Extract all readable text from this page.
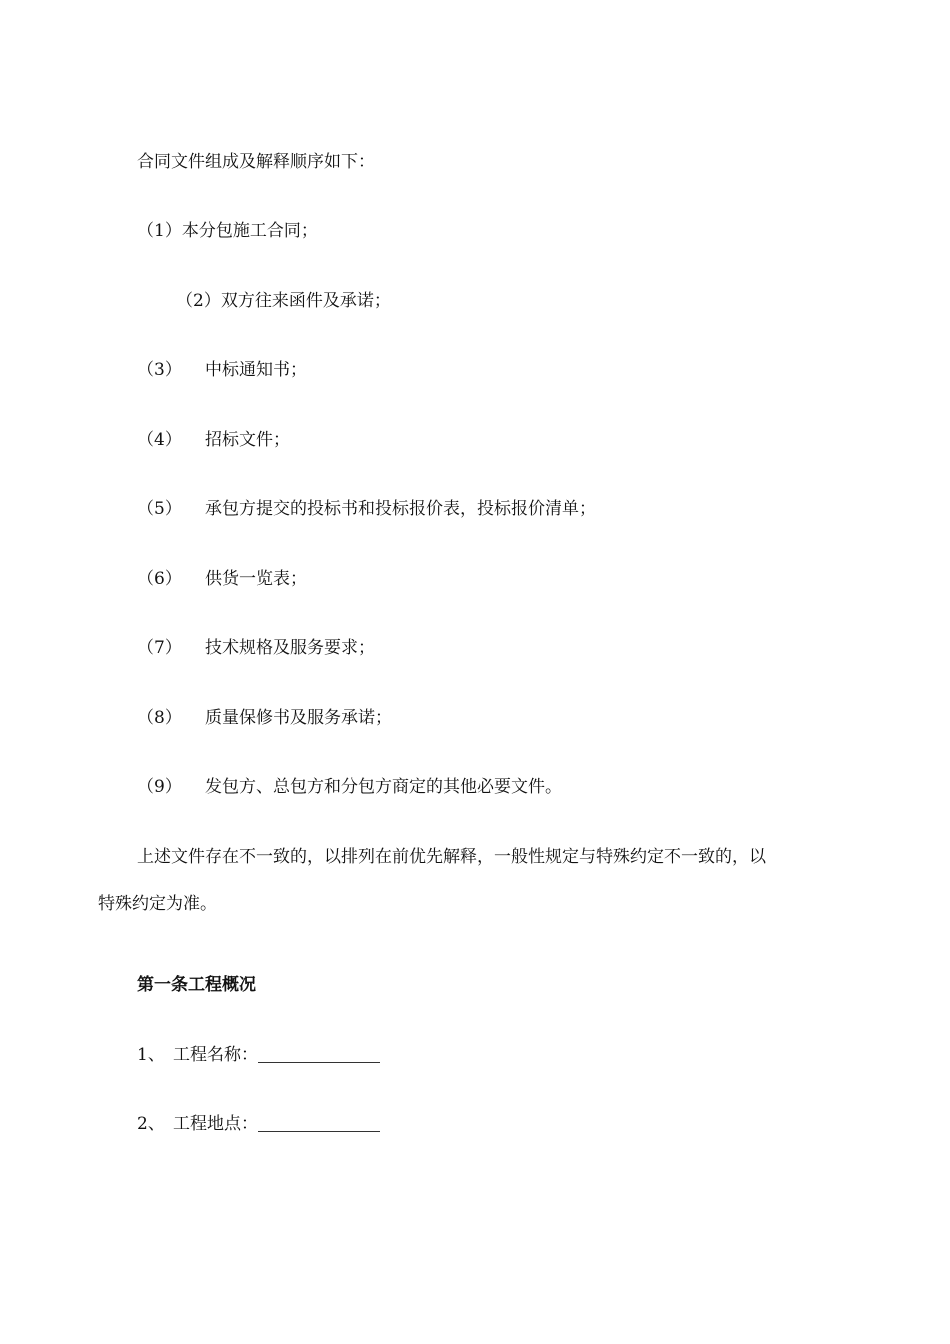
合同文件组成及解释顺序如下：
（1）本分包施工合同；
（2）双方往来函件及承诺；
（3） 中标通知书；
（4） 招标文件；
（5） 承包方提交的投标书和投标报价表，投标报价清单；
（6） 供货一览表；
（7） 技术规格及服务要求；
（8） 质量保修书及服务承诺；
（9） 发包方、总包方和分包方商定的其他必要文件。
上述文件存在不一致的，以排列在前优先解释，一般性规定与特殊约定不一致的，以
特殊约定为准。
第一条工程概况
1、 工程名称：
2、 工程地点：
